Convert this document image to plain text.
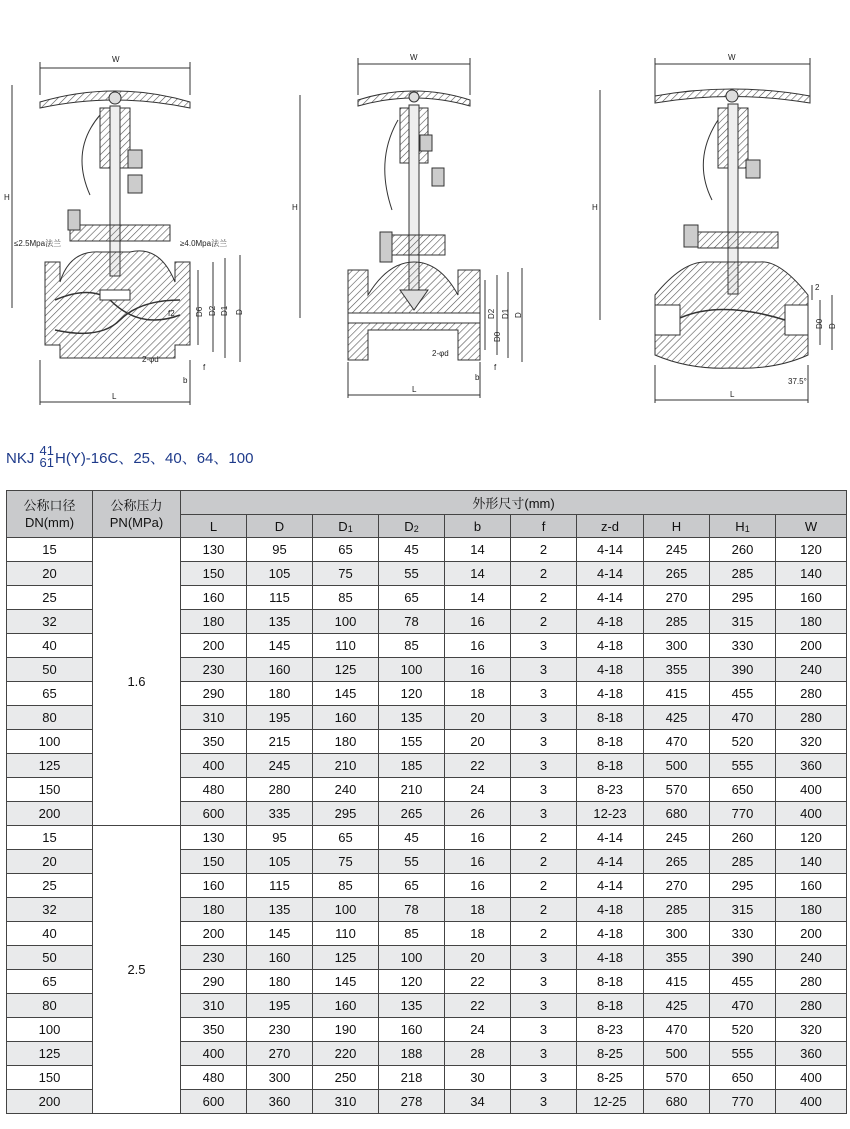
W
H
≤2.5Mpa法兰	≥4.0Mpa法兰
D6 D2 D1 D
f2
2-φd
f
b
L
W
H
D2
D0
D1 D
2-φd
f
b
L
W
H
2
D0 D
37.5°
L
NKJ 41
61 H(Y)-16C、25、40、64、100
公称口径
DN(mm)	公称压力
PN(MPa)	外形尺寸(mm)									
		L	D	$D_1$	$D_2$	b	f	z-d	H	$H_1$	W
15	1.6	130	95	65	45	14	2	4-14	245	260	120
20		150	105	75	55	14	2	4-14	265	285	140
25		160	115	85	65	14	2	4-14	270	295	160
32		180	135	100	78	16	2	4-18	285	315	180
40		200	145	110	85	16	3	4-18	300	330	200
50		230	160	125	100	16	3	4-18	355	390	240
65		290	180	145	120	18	3	4-18	415	455	280
80		310	195	160	135	20	3	8-18	425	470	280
100		350	215	180	155	20	3	8-18	470	520	320
125		400	245	210	185	22	3	8-18	500	555	360
150		480	280	240	210	24	3	8-23	570	650	400
200		600	335	295	265	26	3	12-23	680	770	400
15	2.5	130	95	65	45	16	2	4-14	245	260	120
20		150	105	75	55	16	2	4-14	265	285	140
25		160	115	85	65	16	2	4-14	270	295	160
32		180	135	100	78	18	2	4-18	285	315	180
40		200	145	110	85	18	2	4-18	300	330	200
50		230	160	125	100	20	3	4-18	355	390	240
65		290	180	145	120	22	3	8-18	415	455	280
80		310	195	160	135	22	3	8-18	425	470	280
100		350	230	190	160	24	3	8-23	470	520	320
125		400	270	220	188	28	3	8-25	500	555	360
150		480	300	250	218	30	3	8-25	570	650	400
200		600	360	310	278	34	3	12-25	680	770	400
